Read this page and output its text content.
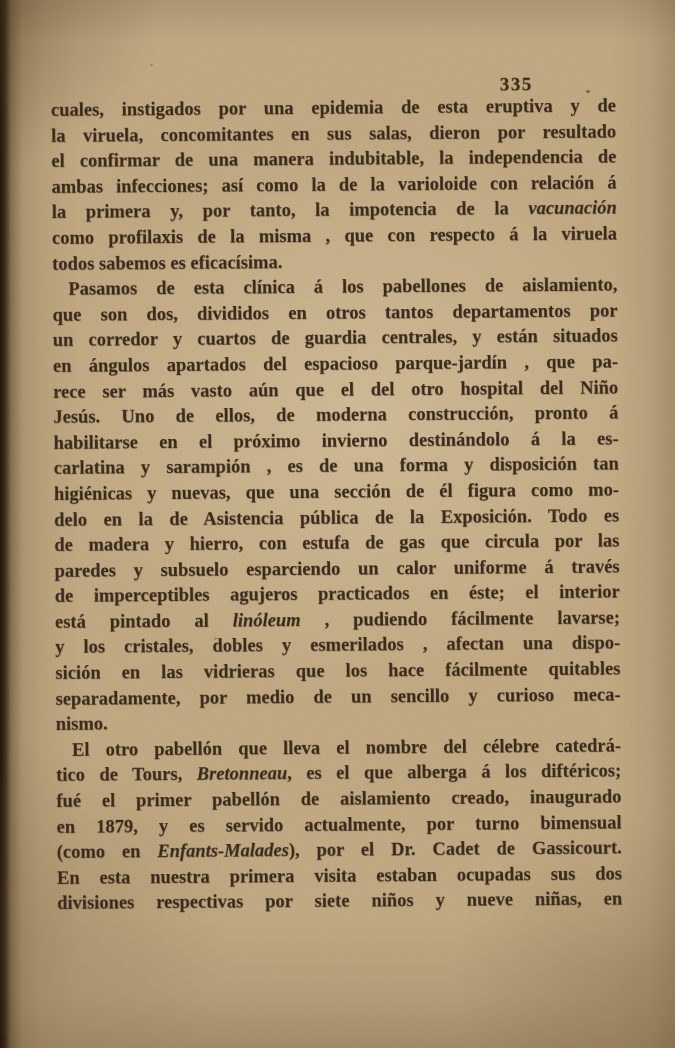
335
cuales, instigados por una epidemia de esta eruptiva y de
la viruela, concomitantes en sus salas, dieron por resultado
el confirmar de una manera indubitable, la independencia de
ambas infecciones; así como la de la varioloide con relación á
la primera y, por tanto, la impotencia de la vacunación
como profilaxis de la misma , que con respecto á la viruela
todos sabemos es eficacísima.
Pasamos de esta clínica á los pabellones de aislamiento,
que son dos, divididos en otros tantos departamentos por
un corredor y cuartos de guardia centrales, y están situados
en ángulos apartados del espacioso parque-jardín , que pa-
rece ser más vasto aún que el del otro hospital del Niño
Jesús. Uno de ellos, de moderna construcción, pronto á
habilitarse en el próximo invierno destinándolo á la es-
carlatina y sarampión , es de una forma y disposición tan
higiénicas y nuevas, que una sección de él figura como mo-
delo en la de Asistencia pública de la Exposición. Todo es
de madera y hierro, con estufa de gas que circula por las
paredes y subsuelo esparciendo un calor uniforme á través
de imperceptibles agujeros practicados en éste; el interior
está pintado al linóleum , pudiendo fácilmente lavarse;
y los cristales, dobles y esmerilados , afectan una dispo-
sición en las vidrieras que los hace fácilmente quitables
separadamente, por medio de un sencillo y curioso meca-
nismo.
El otro pabellón que lleva el nombre del célebre catedrá-
tico de Tours, Bretonneau, es el que alberga á los diftéricos;
fué el primer pabellón de aislamiento creado, inaugurado
en 1879, y es servido actualmente, por turno bimensual
(como en Enfants-Malades), por el Dr. Cadet de Gassicourt.
En esta nuestra primera visita estaban ocupadas sus dos
divisiones respectivas por siete niños y nueve niñas, en
